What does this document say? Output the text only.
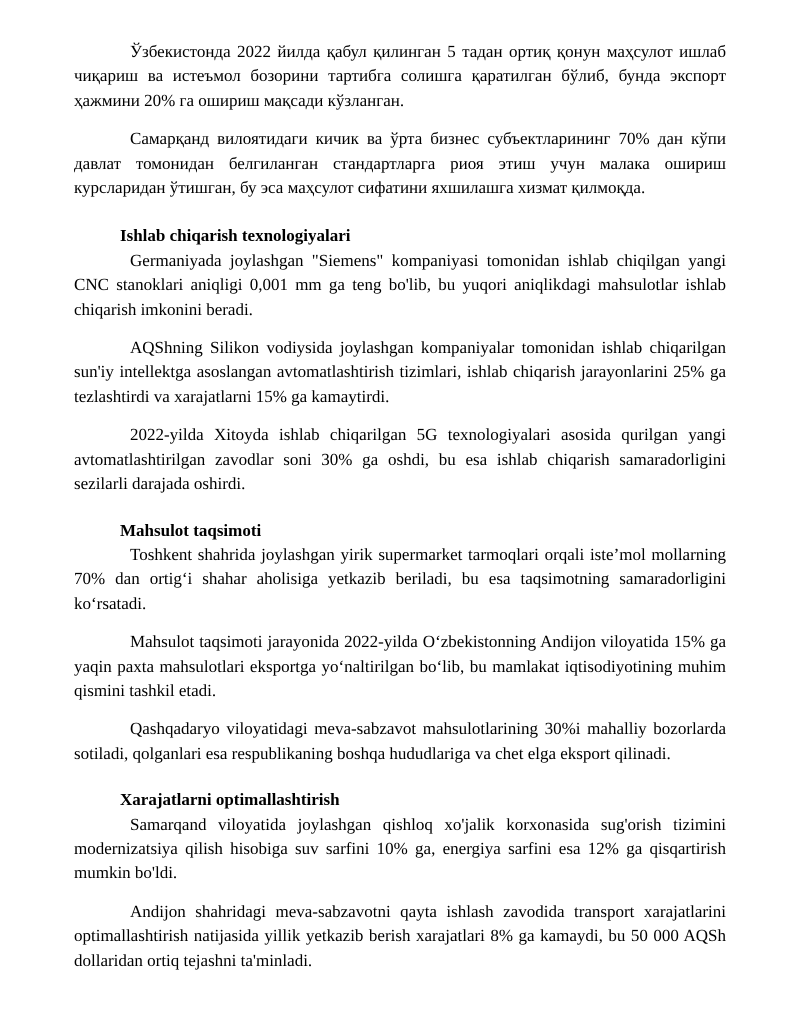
Ўзбекистонда 2022 йилда қабул қилинган 5 тадан ортиқ қонун маҳсулот ишлаб чиқариш ва истеъмол бозорини тартибга солишга қаратилган бўлиб, бунда экспорт ҳажмини 20% га ошириш мақсади кўзланган.

Самарқанд вилоятидаги кичик ва ўрта бизнес субъектларининг 70% дан кўпи давлат томонидан белгиланган стандартларга риоя этиш учун малака ошириш курсларидан ўтишган, бу эса маҳсулот сифатини яхшилашга хизмат қилмоқда.

Ishlab chiqarish texnologiyalari

Germaniyada joylashgan "Siemens" kompaniyasi tomonidan ishlab chiqilgan yangi CNC stanoklari aniqligi 0,001 mm ga teng bo'lib, bu yuqori aniqlikdagi mahsulotlar ishlab chiqarish imkonini beradi.

AQShning Silikon vodiysida joylashgan kompaniyalar tomonidan ishlab chiqarilgan sun'iy intellektga asoslangan avtomatlashtirish tizimlari, ishlab chiqarish jarayonlarini 25% ga tezlashtirdi va xarajatlarni 15% ga kamaytirdi.

2022-yilda Xitoyda ishlab chiqarilgan 5G texnologiyalari asosida qurilgan yangi avtomatlashtirilgan zavodlar soni 30% ga oshdi, bu esa ishlab chiqarish samaradorligini sezilarli darajada oshirdi.

Mahsulot taqsimoti

Toshkent shahrida joylashgan yirik supermarket tarmoqlari orqali iste’mol mollarning 70% dan ortig‘i shahar aholisiga yetkazib beriladi, bu esa taqsimotning samaradorligini ko‘rsatadi.

Mahsulot taqsimoti jarayonida 2022-yilda O‘zbekistonning Andijon viloyatida 15% ga yaqin paxta mahsulotlari eksportga yo‘naltirilgan bo‘lib, bu mamlakat iqtisodiyotining muhim qismini tashkil etadi.

Qashqadaryo viloyatidagi meva-sabzavot mahsulotlarining 30%i mahalliy bozorlarda sotiladi, qolganlari esa respublikaning boshqa hududlariga va chet elga eksport qilinadi.

Xarajatlarni optimallashtirish

Samarqand viloyatida joylashgan qishloq xo'jalik korxonasida sug'orish tizimini modernizatsiya qilish hisobiga suv sarfini 10% ga, energiya sarfini esa 12% ga qisqartirish mumkin bo'ldi.

Andijon shahridagi meva-sabzavotni qayta ishlash zavodida transport xarajatlarini optimallashtirish natijasida yillik yetkazib berish xarajatlari 8% ga kamaydi, bu 50 000 AQSh dollaridan ortiq tejashni ta'minladi.
